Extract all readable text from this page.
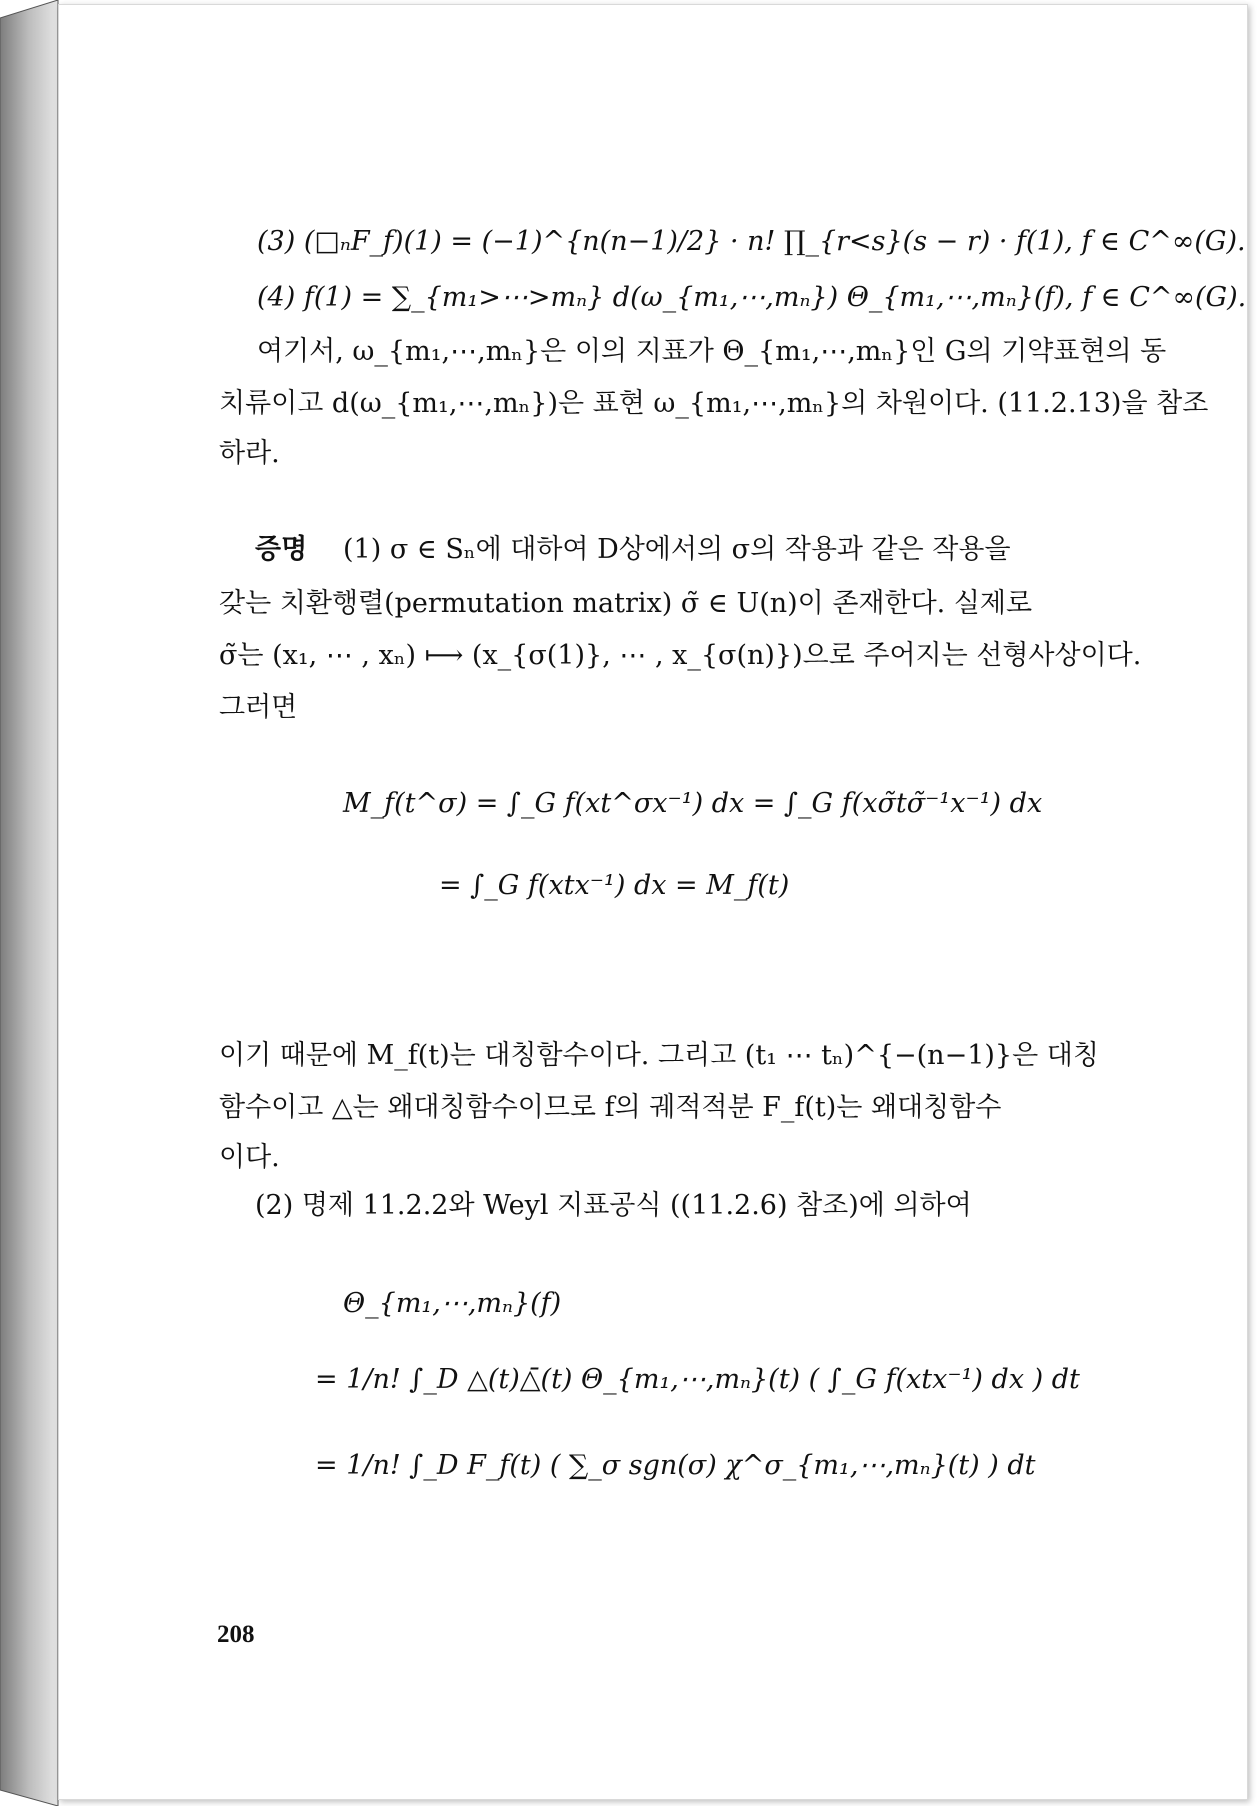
(3) (□ₙF_f)(1) = (−1)^{n(n−1)/2} · n! ∏_{r<s}(s − r) · f(1), f ∈ C^∞(G).
(4) f(1) = ∑_{m₁>⋯>mₙ} d(ω_{m₁,⋯,mₙ}) Θ_{m₁,⋯,mₙ}(f), f ∈ C^∞(G).
여기서, ω_{m₁,⋯,mₙ}은 이의 지표가 Θ_{m₁,⋯,mₙ}인 G의 기약표현의 동
치류이고 d(ω_{m₁,⋯,mₙ})은 표현 ω_{m₁,⋯,mₙ}의 차원이다. (11.2.13)을 참조
하라.
증명 (1) σ ∈ Sₙ에 대하여 D상에서의 σ의 작용과 같은 작용을
갖는 치환행렬(permutation matrix) σ̃ ∈ U(n)이 존재한다. 실제로
σ̃는 (x₁, ⋯ , xₙ) ⟼ (x_{σ(1)}, ⋯ , x_{σ(n)})으로 주어지는 선형사상이다.
그러면
M_f(t^σ) = ∫_G f(xt^σx⁻¹) dx = ∫_G f(xσ̃tσ̃⁻¹x⁻¹) dx
= ∫_G f(xtx⁻¹) dx = M_f(t)
이기 때문에 M_f(t)는 대칭함수이다. 그리고 (t₁ ⋯ tₙ)^{−(n−1)}은 대칭
함수이고 △는 왜대칭함수이므로 f의 궤적적분 F_f(t)는 왜대칭함수
이다.
(2) 명제 11.2.2와 Weyl 지표공식 ((11.2.6) 참조)에 의하여
Θ_{m₁,⋯,mₙ}(f)
= 1/n! ∫_D △(t)△̄(t) Θ_{m₁,⋯,mₙ}(t) ( ∫_G f(xtx⁻¹) dx ) dt
= 1/n! ∫_D F_f(t) ( ∑_σ sgn(σ) χ^σ_{m₁,⋯,mₙ}(t) ) dt
208
